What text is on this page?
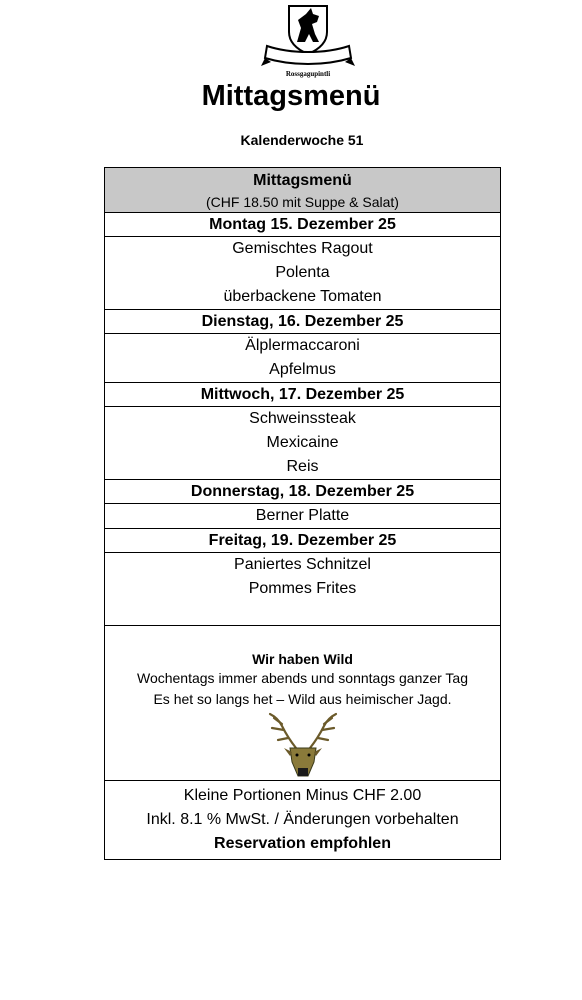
Rossgagupintli
Mittagsmenü
Kalenderwoche 51
Mittagsmenü
(CHF 18.50 mit Suppe & Salat)
Montag 15. Dezember 25
Gemischtes Ragout
Polenta
überbackene Tomaten
Dienstag, 16. Dezember 25
Älplermaccaroni
Apfelmus
Mittwoch, 17. Dezember 25
Schweinssteak
Mexicaine
Reis
Donnerstag, 18. Dezember 25
Berner Platte
Freitag, 19. Dezember 25
Paniertes Schnitzel
Pommes Frites

Wir haben Wild
Wochentags immer abends und sonntags ganzer Tag
Es het so langs het – Wild aus heimischer Jagd.
Kleine Portionen Minus CHF 2.00
Inkl. 8.1 % MwSt. / Änderungen vorbehalten
Reservation empfohlen
